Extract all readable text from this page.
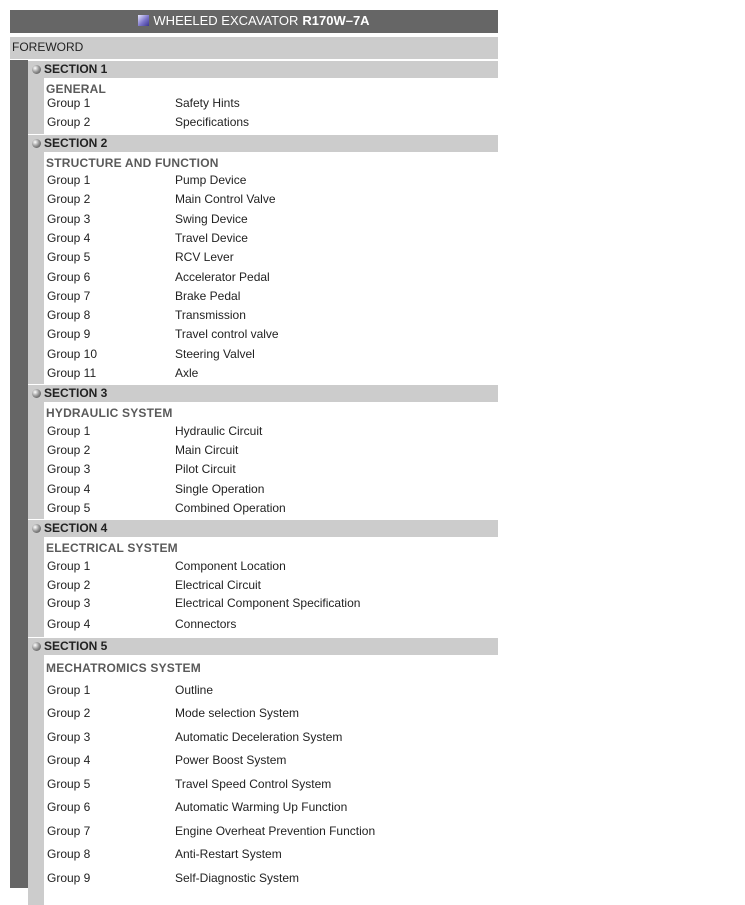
WHEELED EXCAVATOR R170W–7A
FOREWORD
SECTION 1
GENERAL
Group 1	Safety Hints
Group 2	Specifications
SECTION 2
STRUCTURE AND FUNCTION
Group 1	Pump Device
Group 2	Main Control Valve
Group 3	Swing Device
Group 4	Travel Device
Group 5	RCV Lever
Group 6	Accelerator Pedal
Group 7	Brake Pedal
Group 8	Transmission
Group 9	Travel control valve
Group 10	Steering Valvel
Group 11	Axle
SECTION 3
HYDRAULIC SYSTEM
Group 1	Hydraulic Circuit
Group 2	Main Circuit
Group 3	Pilot Circuit
Group 4	Single Operation
Group 5	Combined Operation
SECTION 4
ELECTRICAL SYSTEM
Group 1	Component Location
Group 2	Electrical Circuit
Group 3	Electrical Component Specification
Group 4	Connectors
SECTION 5
MECHATROMICS SYSTEM
Group 1	Outline
Group 2	Mode selection System
Group 3	Automatic Deceleration System
Group 4	Power Boost System
Group 5	Travel Speed Control System
Group 6	Automatic Warming Up Function
Group 7	Engine Overheat Prevention Function
Group 8	Anti-Restart System
Group 9	Self-Diagnostic System
